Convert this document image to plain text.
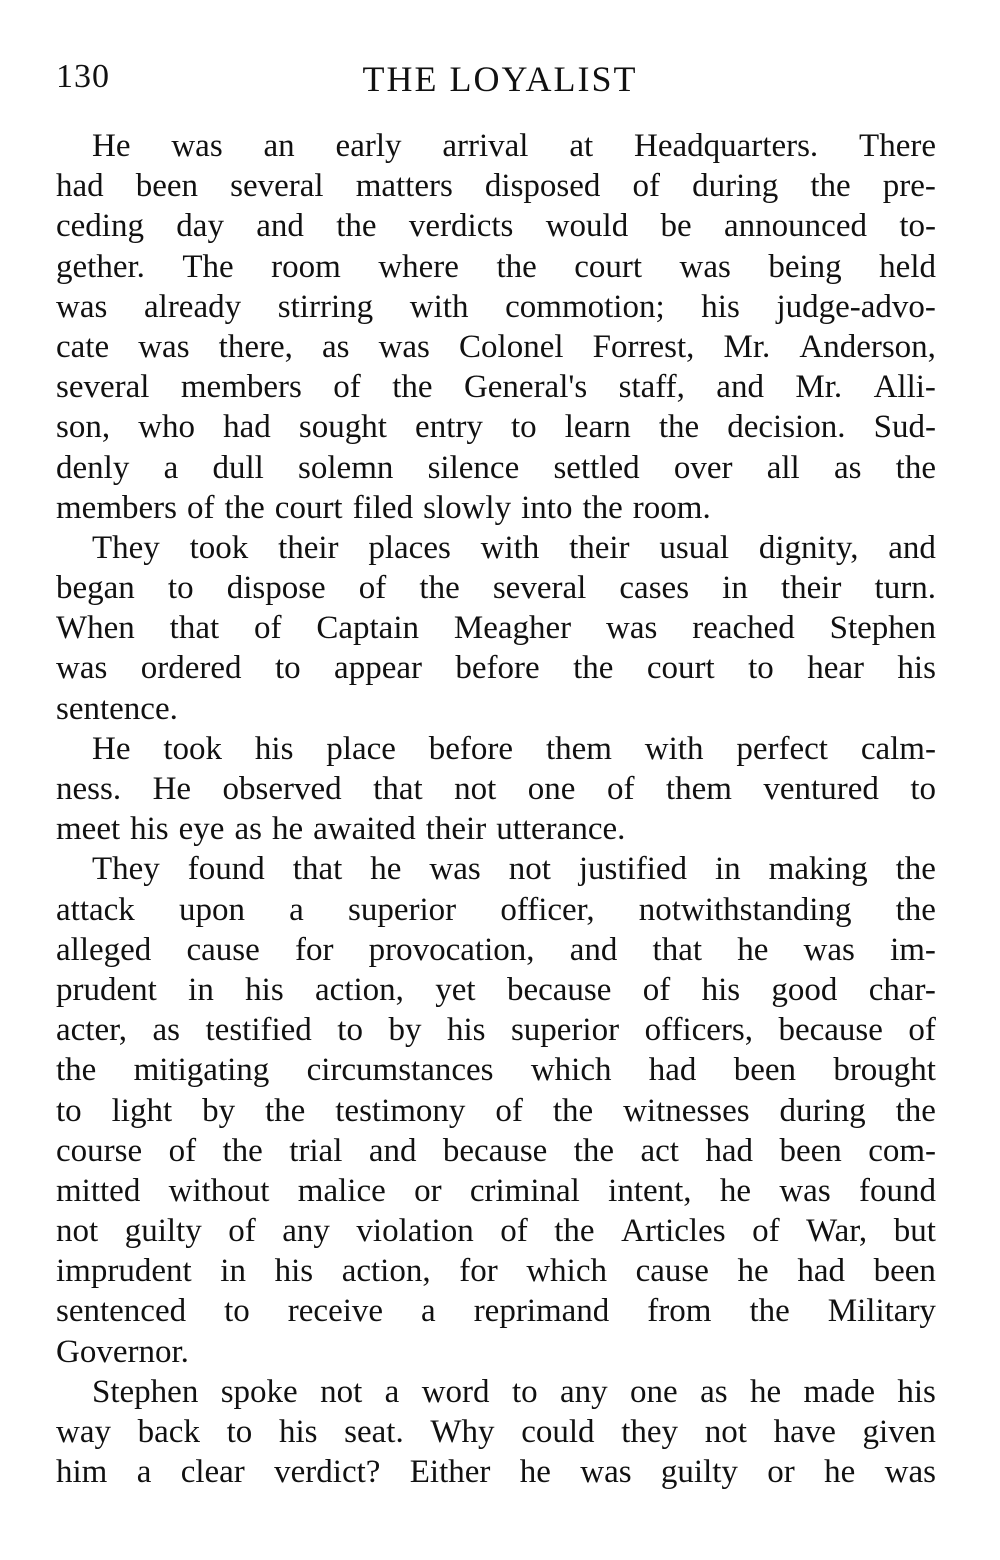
130	THE LOYALIST
He was an early arrival at Headquarters. There
had been several matters disposed of during the pre-
ceding day and the verdicts would be announced to-
gether. The room where the court was being held
was already stirring with commotion; his judge-advo-
cate was there, as was Colonel Forrest, Mr. Anderson,
several members of the General's staff, and Mr. Alli-
son, who had sought entry to learn the decision. Sud-
denly a dull solemn silence settled over all as the
members of the court filed slowly into the room.
They took their places with their usual dignity, and
began to dispose of the several cases in their turn.
When that of Captain Meagher was reached Stephen
was ordered to appear before the court to hear his
sentence.
He took his place before them with perfect calm-
ness. He observed that not one of them ventured to
meet his eye as he awaited their utterance.
They found that he was not justified in making the
attack upon a superior officer, notwithstanding the
alleged cause for provocation, and that he was im-
prudent in his action, yet because of his good char-
acter, as testified to by his superior officers, because of
the mitigating circumstances which had been brought
to light by the testimony of the witnesses during the
course of the trial and because the act had been com-
mitted without malice or criminal intent, he was found
not guilty of any violation of the Articles of War, but
imprudent in his action, for which cause he had been
sentenced to receive a reprimand from the Military
Governor.
Stephen spoke not a word to any one as he made his
way back to his seat. Why could they not have given
him a clear verdict? Either he was guilty or he was
